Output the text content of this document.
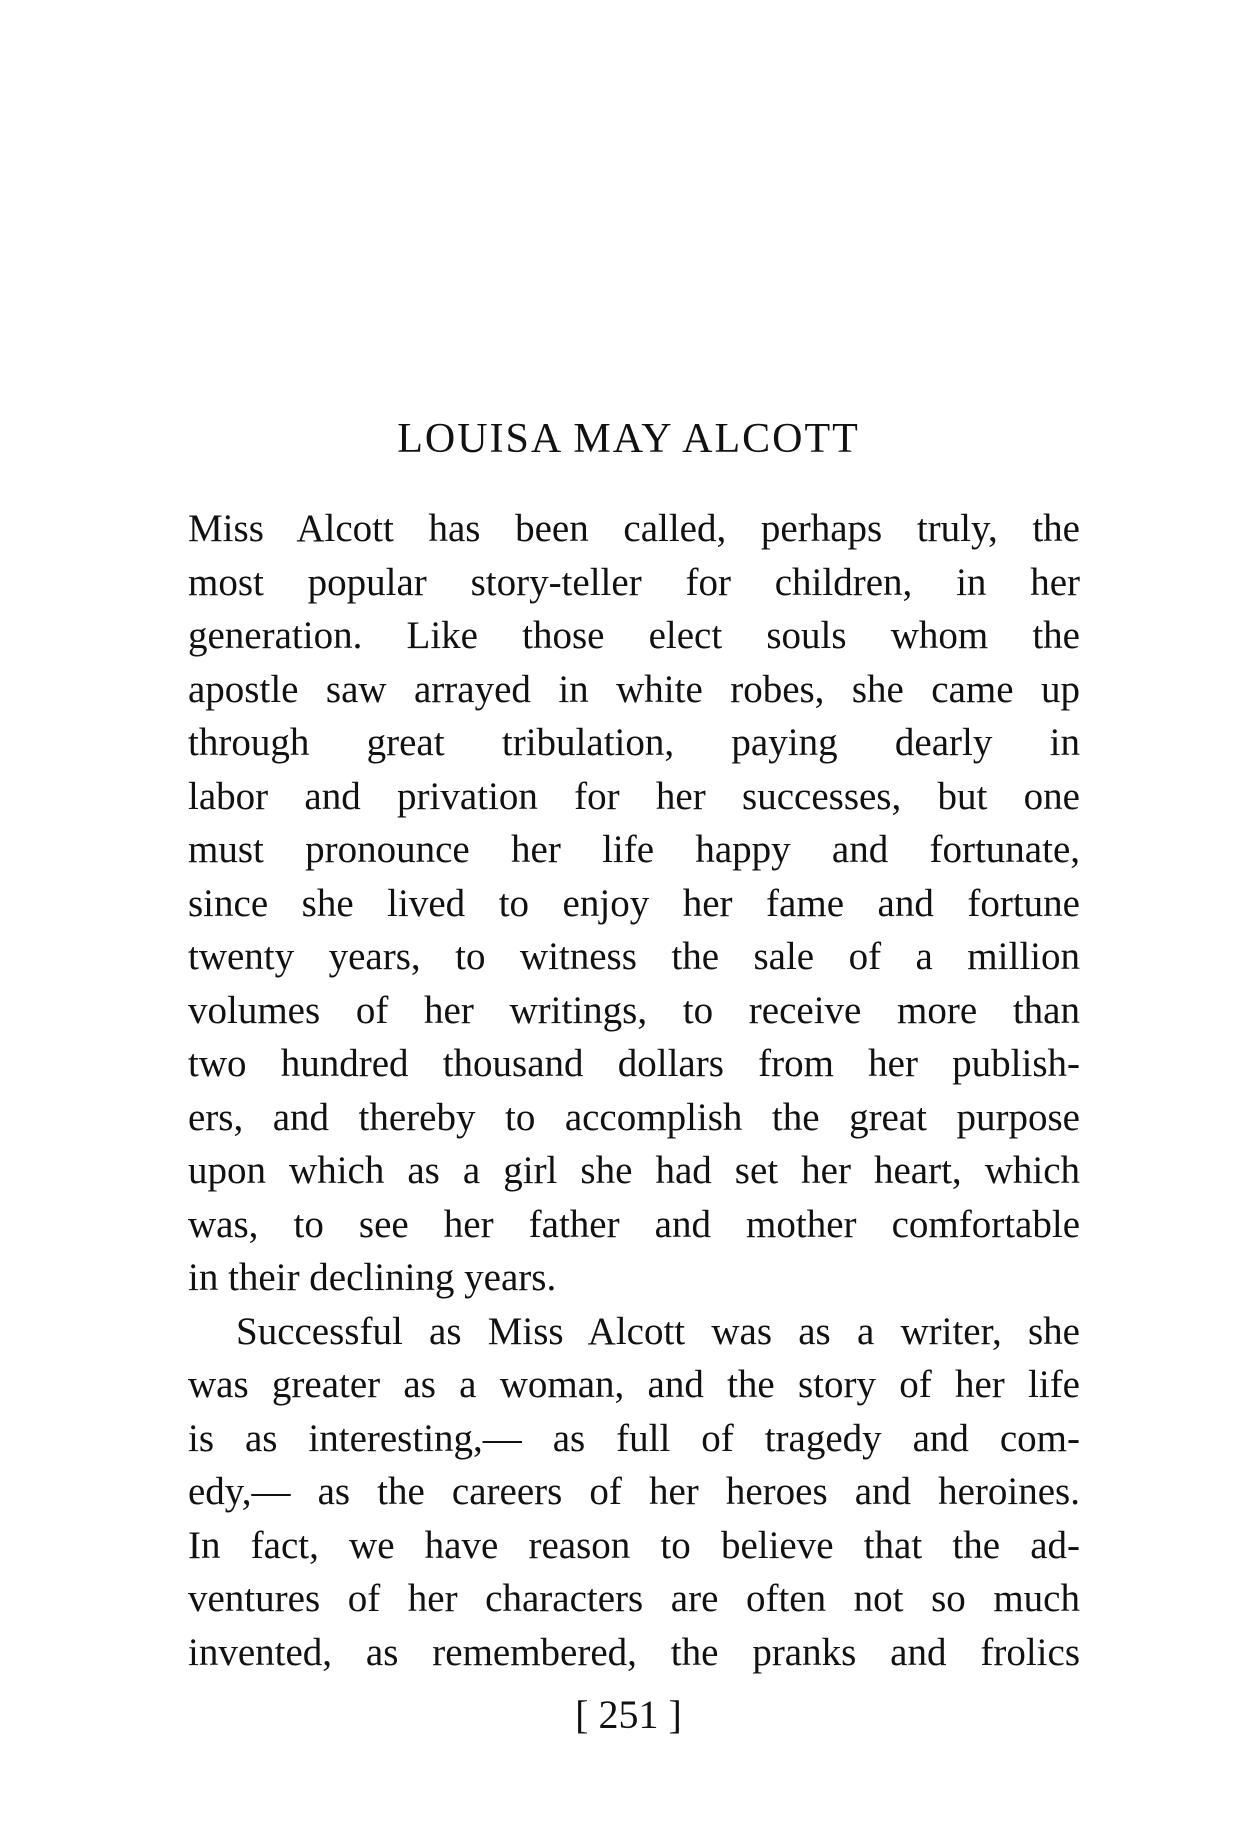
LOUISA MAY ALCOTT
Miss Alcott has been called, perhaps truly, the
most popular story-teller for children, in her
generation. Like those elect souls whom the
apostle saw arrayed in white robes, she came up
through great tribulation, paying dearly in
labor and privation for her successes, but one
must pronounce her life happy and fortunate,
since she lived to enjoy her fame and fortune
twenty years, to witness the sale of a million
volumes of her writings, to receive more than
two hundred thousand dollars from her publish-
ers, and thereby to accomplish the great purpose
upon which as a girl she had set her heart, which
was, to see her father and mother comfortable
in their declining years.
Successful as Miss Alcott was as a writer, she
was greater as a woman, and the story of her life
is as interesting,— as full of tragedy and com-
edy,— as the careers of her heroes and heroines.
In fact, we have reason to believe that the ad-
ventures of her characters are often not so much
invented, as remembered, the pranks and frolics
[ 251 ]
